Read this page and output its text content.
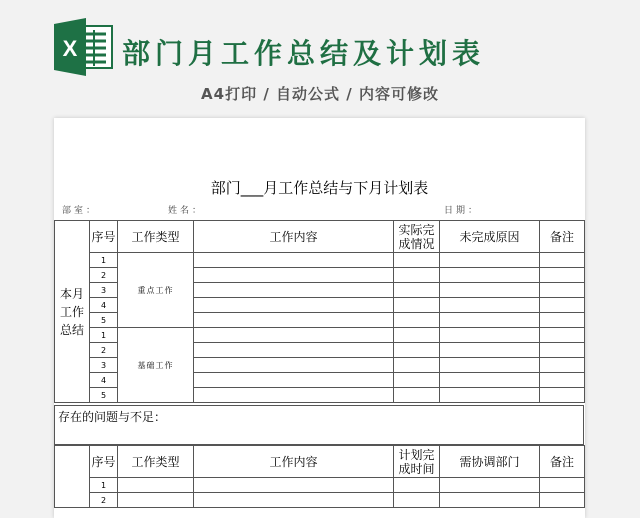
X 部门月工作总结及计划表
A4打印 / 自动公式 / 内容可修改
部门___月工作总结与下月计划表
部室：	姓名：	日期：
本月工作总结	序号	工作类型	工作内容	实际完成情况	未完成原因	备注
	1	重点工作				
	2					
	3					
	4					
	5					
	1	基础工作				
	2					
	3					
	4					
	5					
存在的问题与不足：
	序号	工作类型	工作内容	计划完成时间	需协调部门	备注
	1					
	2					
